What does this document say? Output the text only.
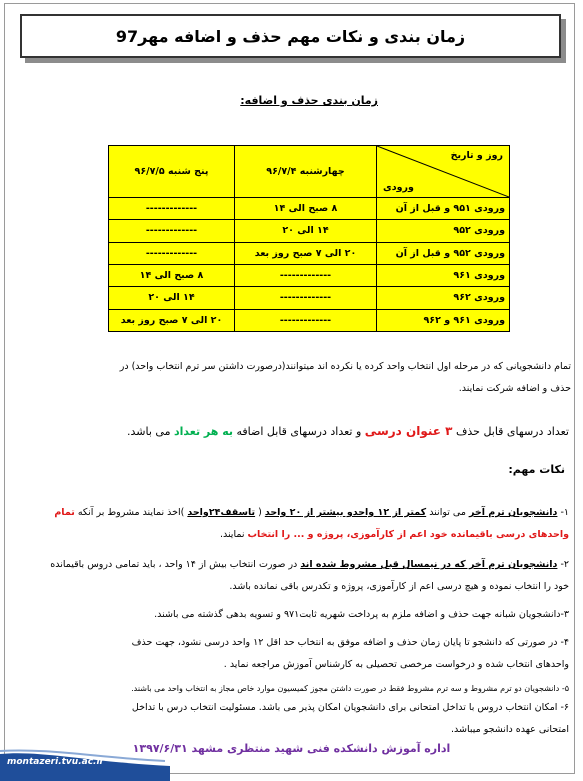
زمان بندی و نکات مهم حذف و اضافه مهر97
زمان بندی حذف و اضافه:
روز و تاریخ
ورودی	چهارشنبه ۹۶/۷/۴	پنج شنبه ۹۶/۷/۵
ورودی ۹۵۱ و قبل از آن	۸ صبح الی ۱۴	-------------
ورودی ۹۵۲	۱۴ الی ۲۰	-------------
ورودی ۹۵۲ و قبل از آن	۲۰ الی ۷ صبح روز بعد	-------------
ورودی ۹۶۱	-------------	۸ صبح الی ۱۴
ورودی ۹۶۲	-------------	۱۴ الی ۲۰
ورودی ۹۶۱ و ۹۶۲	-------------	۲۰ الی ۷ صبح روز بعد
تمام دانشجویانی که در مرحله اول انتخاب واحد کرده یا نکرده اند میتوانند(درصورت داشتن سر ترم انتخاب واحد) در
حذف و اضافه شرکت نمایند.
تعداد درسهای قابل حذف ۳ عنوان درسی و تعداد درسهای قابل اضافه به هر تعداد می باشد.
نکات مهم:
۱- دانشجویان ترم آخر می توانند کمتر از ۱۲ واحدو بیشتر از ۲۰ واحد ( تاسقف۲۴واحد )اخذ نمایند مشروط بر آنکه تمام
واحدهای درسی باقیمانده خود اعم از کارآموزی، پروژه و ... را انتخاب نمایند.
۲- دانشجویان ترم آخر که در نیمسال قبل مشروط شده اند در صورت انتخاب بیش از ۱۴ واحد ، باید تمامی دروس باقیمانده
خود را انتخاب نموده و هیچ درسی اعم از کارآموزی، پروژه و تکدرس باقی نمانده باشد.
۳-دانشجویان شبانه جهت حذف و اضافه ملزم به پرداخت شهریه ثابت۹۷۱ و تسویه بدهی گذشته می باشند.
۴- در صورتی که دانشجو تا پایان زمان حذف و اضافه موفق به انتخاب حد اقل ۱۲ واحد درسی نشود، جهت حذف
واحدهای انتخاب شده و درخواست مرخصی تحصیلی به کارشناس آموزش مراجعه نماید .
۵- دانشجویان دو ترم مشروط و سه ترم مشروط فقط در صورت داشتن مجوز کمیسیون موارد خاص مجاز به انتخاب واحد می باشند.
۶- امکان انتخاب دروس با تداخل امتحانی برای دانشجویان امکان پذیر می باشد. مسئولیت انتخاب درس با تداخل
امتحانی عهده دانشجو میباشد.
اداره آموزش دانشکده فنی شهید منتظری مشهد ۱۳۹۷/۶/۳۱
montazeri.tvu.ac.ir
